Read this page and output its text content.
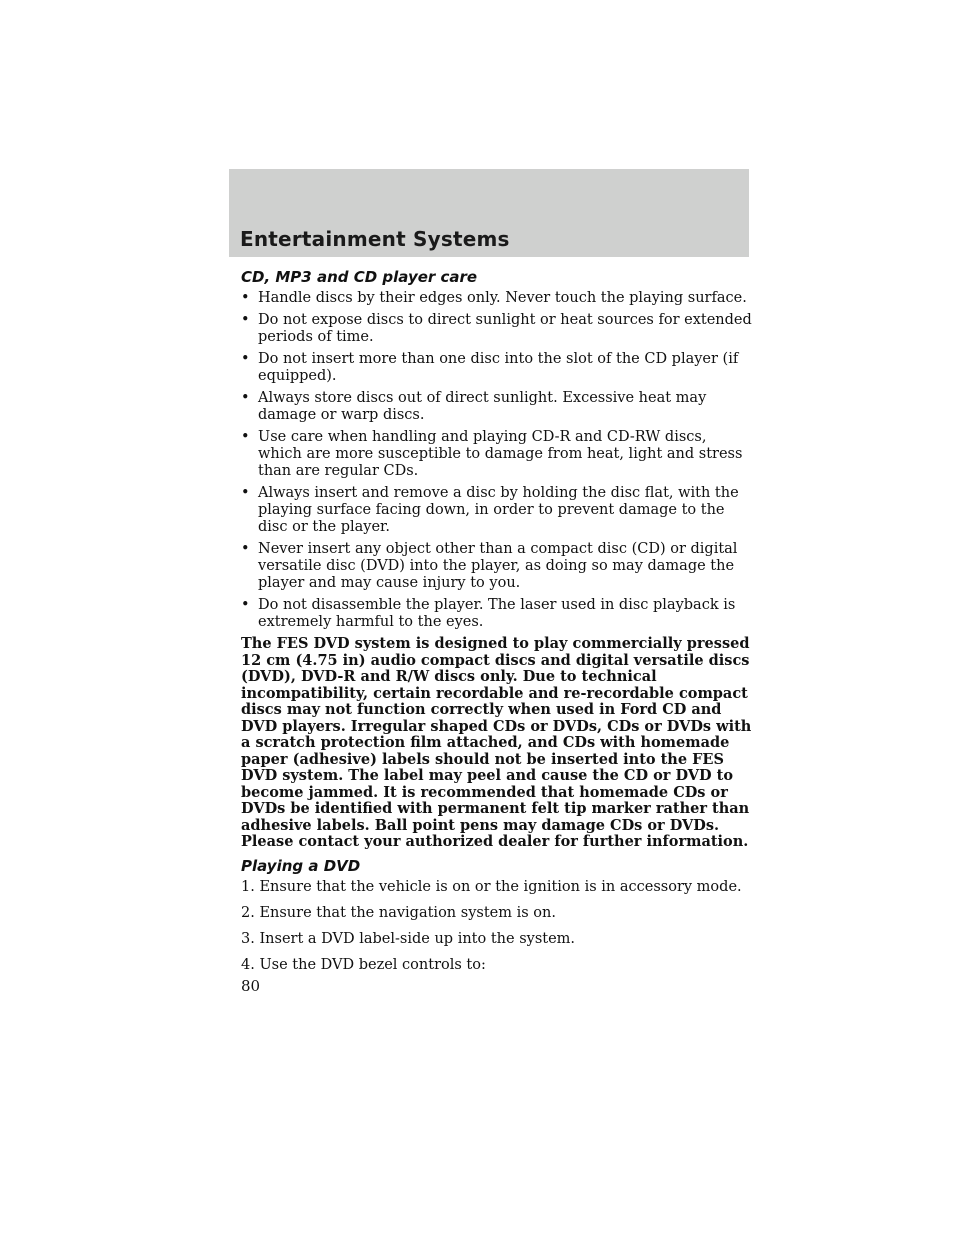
Entertainment Systems
CD, MP3 and CD player care
• Handle discs by their edges only. Never touch the playing surface.
• Do not expose discs to direct sunlight or heat sources for extended periods of time.
• Do not insert more than one disc into the slot of the CD player (if equipped).
• Always store discs out of direct sunlight. Excessive heat may damage or warp discs.
• Use care when handling and playing CD-R and CD-RW discs, which are more susceptible to damage from heat, light and stress than are regular CDs.
• Always insert and remove a disc by holding the disc flat, with the playing surface facing down, in order to prevent damage to the disc or the player.
• Never insert any object other than a compact disc (CD) or digital versatile disc (DVD) into the player, as doing so may damage the player and may cause injury to you.
• Do not disassemble the player. The laser used in disc playback is extremely harmful to the eyes.

The FES DVD system is designed to play commercially pressed 12 cm (4.75 in) audio compact discs and digital versatile discs (DVD), DVD-R and R/W discs only. Due to technical incompatibility, certain recordable and re-recordable compact discs may not function correctly when used in Ford CD and DVD players. Irregular shaped CDs or DVDs, CDs or DVDs with a scratch protection film attached, and CDs with homemade paper (adhesive) labels should not be inserted into the FES DVD system. The label may peel and cause the CD or DVD to become jammed. It is recommended that homemade CDs or DVDs be identified with permanent felt tip marker rather than adhesive labels. Ball point pens may damage CDs or DVDs. Please contact your authorized dealer for further information.

Playing a DVD

1. Ensure that the vehicle is on or the ignition is in accessory mode.

2. Ensure that the navigation system is on.

3. Insert a DVD label-side up into the system.

4. Use the DVD bezel controls to:

80
